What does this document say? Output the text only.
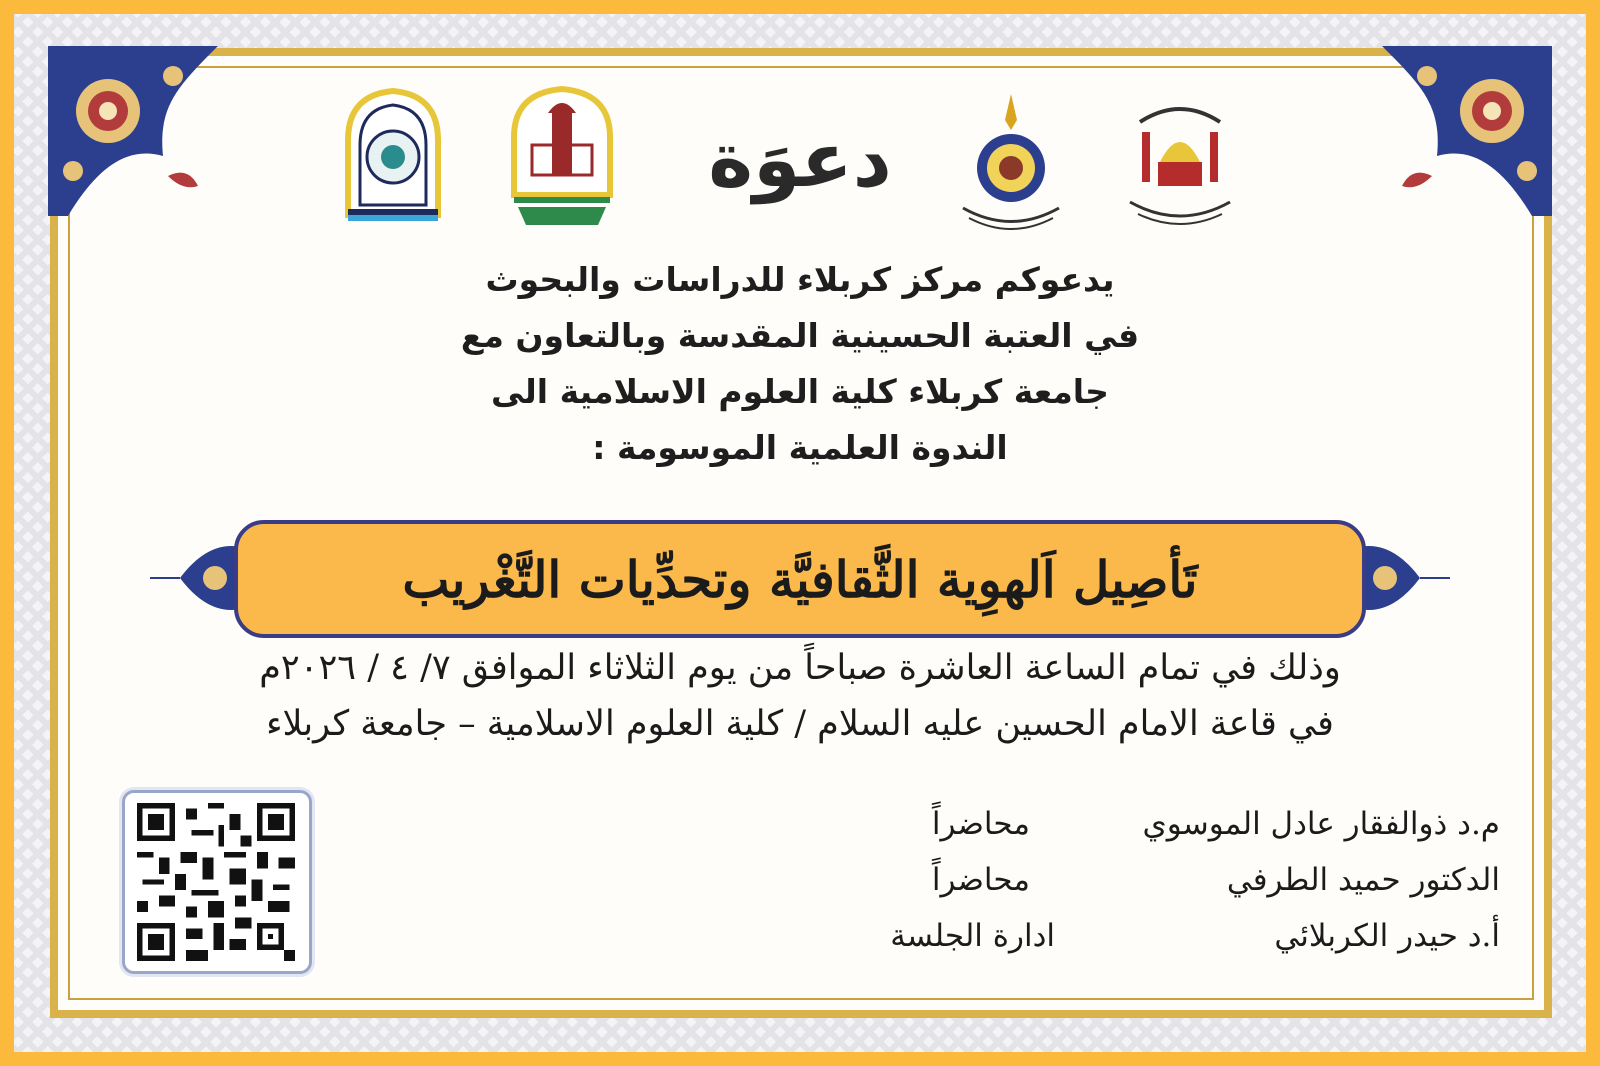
دعوَة
يدعوكم مركز كربلاء للدراسات والبحوث
في العتبة الحسينية المقدسة وبالتعاون مع
جامعة كربلاء كلية العلوم الاسلامية الى
الندوة العلمية الموسومة :
تَأصِيل اَلهوِية الثَّقافيَّة وتحدِّيات التَّغْريب
وذلك في تمام الساعة العاشرة صباحاً من يوم الثلاثاء الموافق ٧/ ٤ / ٢٠٢٦م
في قاعة الامام الحسين عليه السلام / كلية العلوم الاسلامية – جامعة كربلاء
م.د ذوالفقار عادل الموسوي
محاضراً
الدكتور حميد الطرفي
محاضراً
أ.د حيدر الكربلائي
ادارة الجلسة
